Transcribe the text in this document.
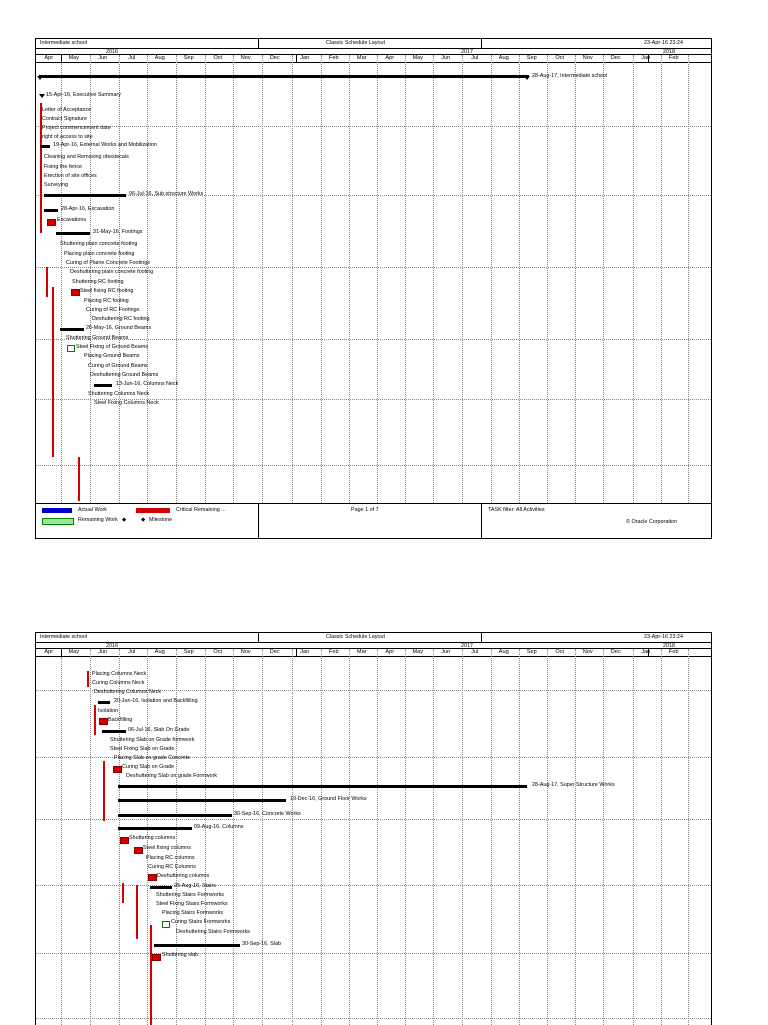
Intermediate school	Classic Schedule Layout	23-Apr-16 23:24
2016	2017	2018
Apr	May	Jun	Jul	Aug	Sep	Oct	Nov	Dec	Jan	Feb	Mar	Apr	May	Jun	Jul	Aug	Sep	Oct	Nov	Dec	Jan	Feb
28-Aug-17, Intermediate school
15-Apr-16, Executive Summary
Letter of Acceptance
Contract Signature
Project commencement date
right of access to site
19-Apr-16, External Works and Mobilization
Cleaning and Removing obestecals
Fixing the fence
Erection of site offices
Surveying
06-Jul-16, Sub structure Works
28-Apr-16, Excavation
Excavations
31-May-16, Footings
Shuttering plain concrete footing
Placing plain concrete footing
Curing of Plaine Concrete Footings
Deshuttering plain concrete footing
Shuttering RC footing
Steel fixing RC footing
Placing RC footing
Curing of RC Footings
Deshuttering RC footing
26-May-16, Ground Beams
Shuttering Ground Beams
Steel Fixing of Ground Beams
Placing Ground Beams
Curing of Ground Beams
Deshuttering Ground Beams
13-Jun-16, Columns Neck
Shuttering Columns Neck
Steel Fixing Columns Neck
Actual Work	Critical Remaining ...
Remaining Work ◆	◆ Milestone
Page 1 of 7	TASK filter: All Activities
© Oracle Corporation
Intermediate school	Classic Schedule Layout	23-Apr-16 23:24
2016	2017	2018
Apr	May	Jun	Jul	Aug	Sep	Oct	Nov	Dec	Jan	Feb	Mar	Apr	May	Jun	Jul	Aug	Sep	Oct	Nov	Dec	Jan	Feb
Placing Columns Neck
Curing Columns Neck
Deshuttering Columns Neck
20-Jun-16, Isolation and Backfilling
Isolation
Backfilling
06-Jul-16, Slab On Grade
Shuttering Slab on Grade formwork
Steel Fixing Slab on Grade
Placing Slab on grade Concrete
Curing Slab on Grade
Deshuttering Slab on grade Formwork
28-Aug-17, Super Structure Works
19-Dec-16, Ground Floor Works
30-Sep-16, Concrete Works
09-Aug-16, Columns
Shuttering columns
Steel fixing columns
Placing RC columns
Curing RC Columns
Deshuttering columns
25-Aug-16, Stairs
Shuttering Stairs Formworks
Steel Fixing Stairs Formworks
Placing Stairs Formworks
Curing Stairs Formworks
Deshuttering Stairs Formworks
30-Sep-16, Slab
Shuttering slab
